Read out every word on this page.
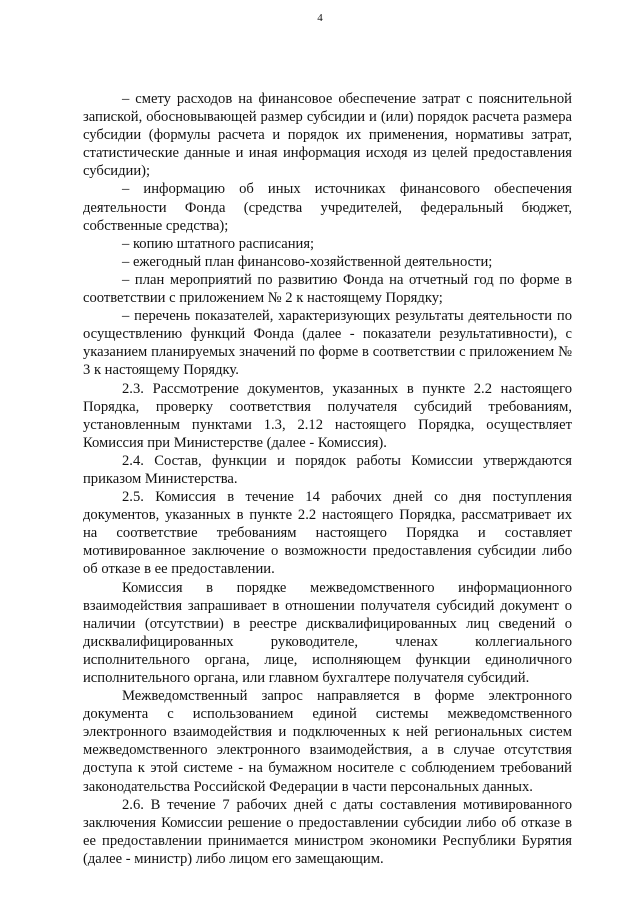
4

– смету расходов на финансовое обеспечение затрат с пояснительной запиской, обосновывающей размер субсидии и (или) порядок расчета размера субсидии (формулы расчета и порядок их применения, нормативы затрат, статистические данные и иная информация исходя из целей предоставления субсидии);

– информацию об иных источниках финансового обеспечения деятельности Фонда (средства учредителей, федеральный бюджет, собственные средства);

– копию штатного расписания;

– ежегодный план финансово-хозяйственной деятельности;

– план мероприятий по развитию Фонда на отчетный год по форме в соответствии с приложением № 2 к настоящему Порядку;

– перечень показателей, характеризующих результаты деятельности по осуществлению функций Фонда (далее - показатели результативности), с указанием планируемых значений по форме в соответствии с приложением № 3 к настоящему Порядку.

2.3. Рассмотрение документов, указанных в пункте 2.2 настоящего Порядка, проверку соответствия получателя субсидий требованиям, установленным пунктами 1.3, 2.12 настоящего Порядка, осуществляет Комиссия при Министерстве (далее - Комиссия).

2.4. Состав, функции и порядок работы Комиссии утверждаются приказом Министерства.

2.5. Комиссия в течение 14 рабочих дней со дня поступления документов, указанных в пункте 2.2 настоящего Порядка, рассматривает их на соответствие требованиям настоящего Порядка и составляет мотивированное заключение о возможности предоставления субсидии либо об отказе в ее предоставлении.

Комиссия в порядке межведомственного информационного взаимодействия запрашивает в отношении получателя субсидий документ о наличии (отсутствии) в реестре дисквалифицированных лиц сведений о дисквалифицированных руководителе, членах коллегиального исполнительного органа, лице, исполняющем функции единоличного исполнительного органа, или главном бухгалтере получателя субсидий.

Межведомственный запрос направляется в форме электронного документа с использованием единой системы межведомственного электронного взаимодействия и подключенных к ней региональных систем межведомственного электронного взаимодействия, а в случае отсутствия доступа к этой системе - на бумажном носителе с соблюдением требований законодательства Российской Федерации в части персональных данных.

2.6. В течение 7 рабочих дней с даты составления мотивированного заключения Комиссии решение о предоставлении субсидии либо об отказе в ее предоставлении принимается министром экономики Республики Бурятия (далее - министр) либо лицом его замещающим.
